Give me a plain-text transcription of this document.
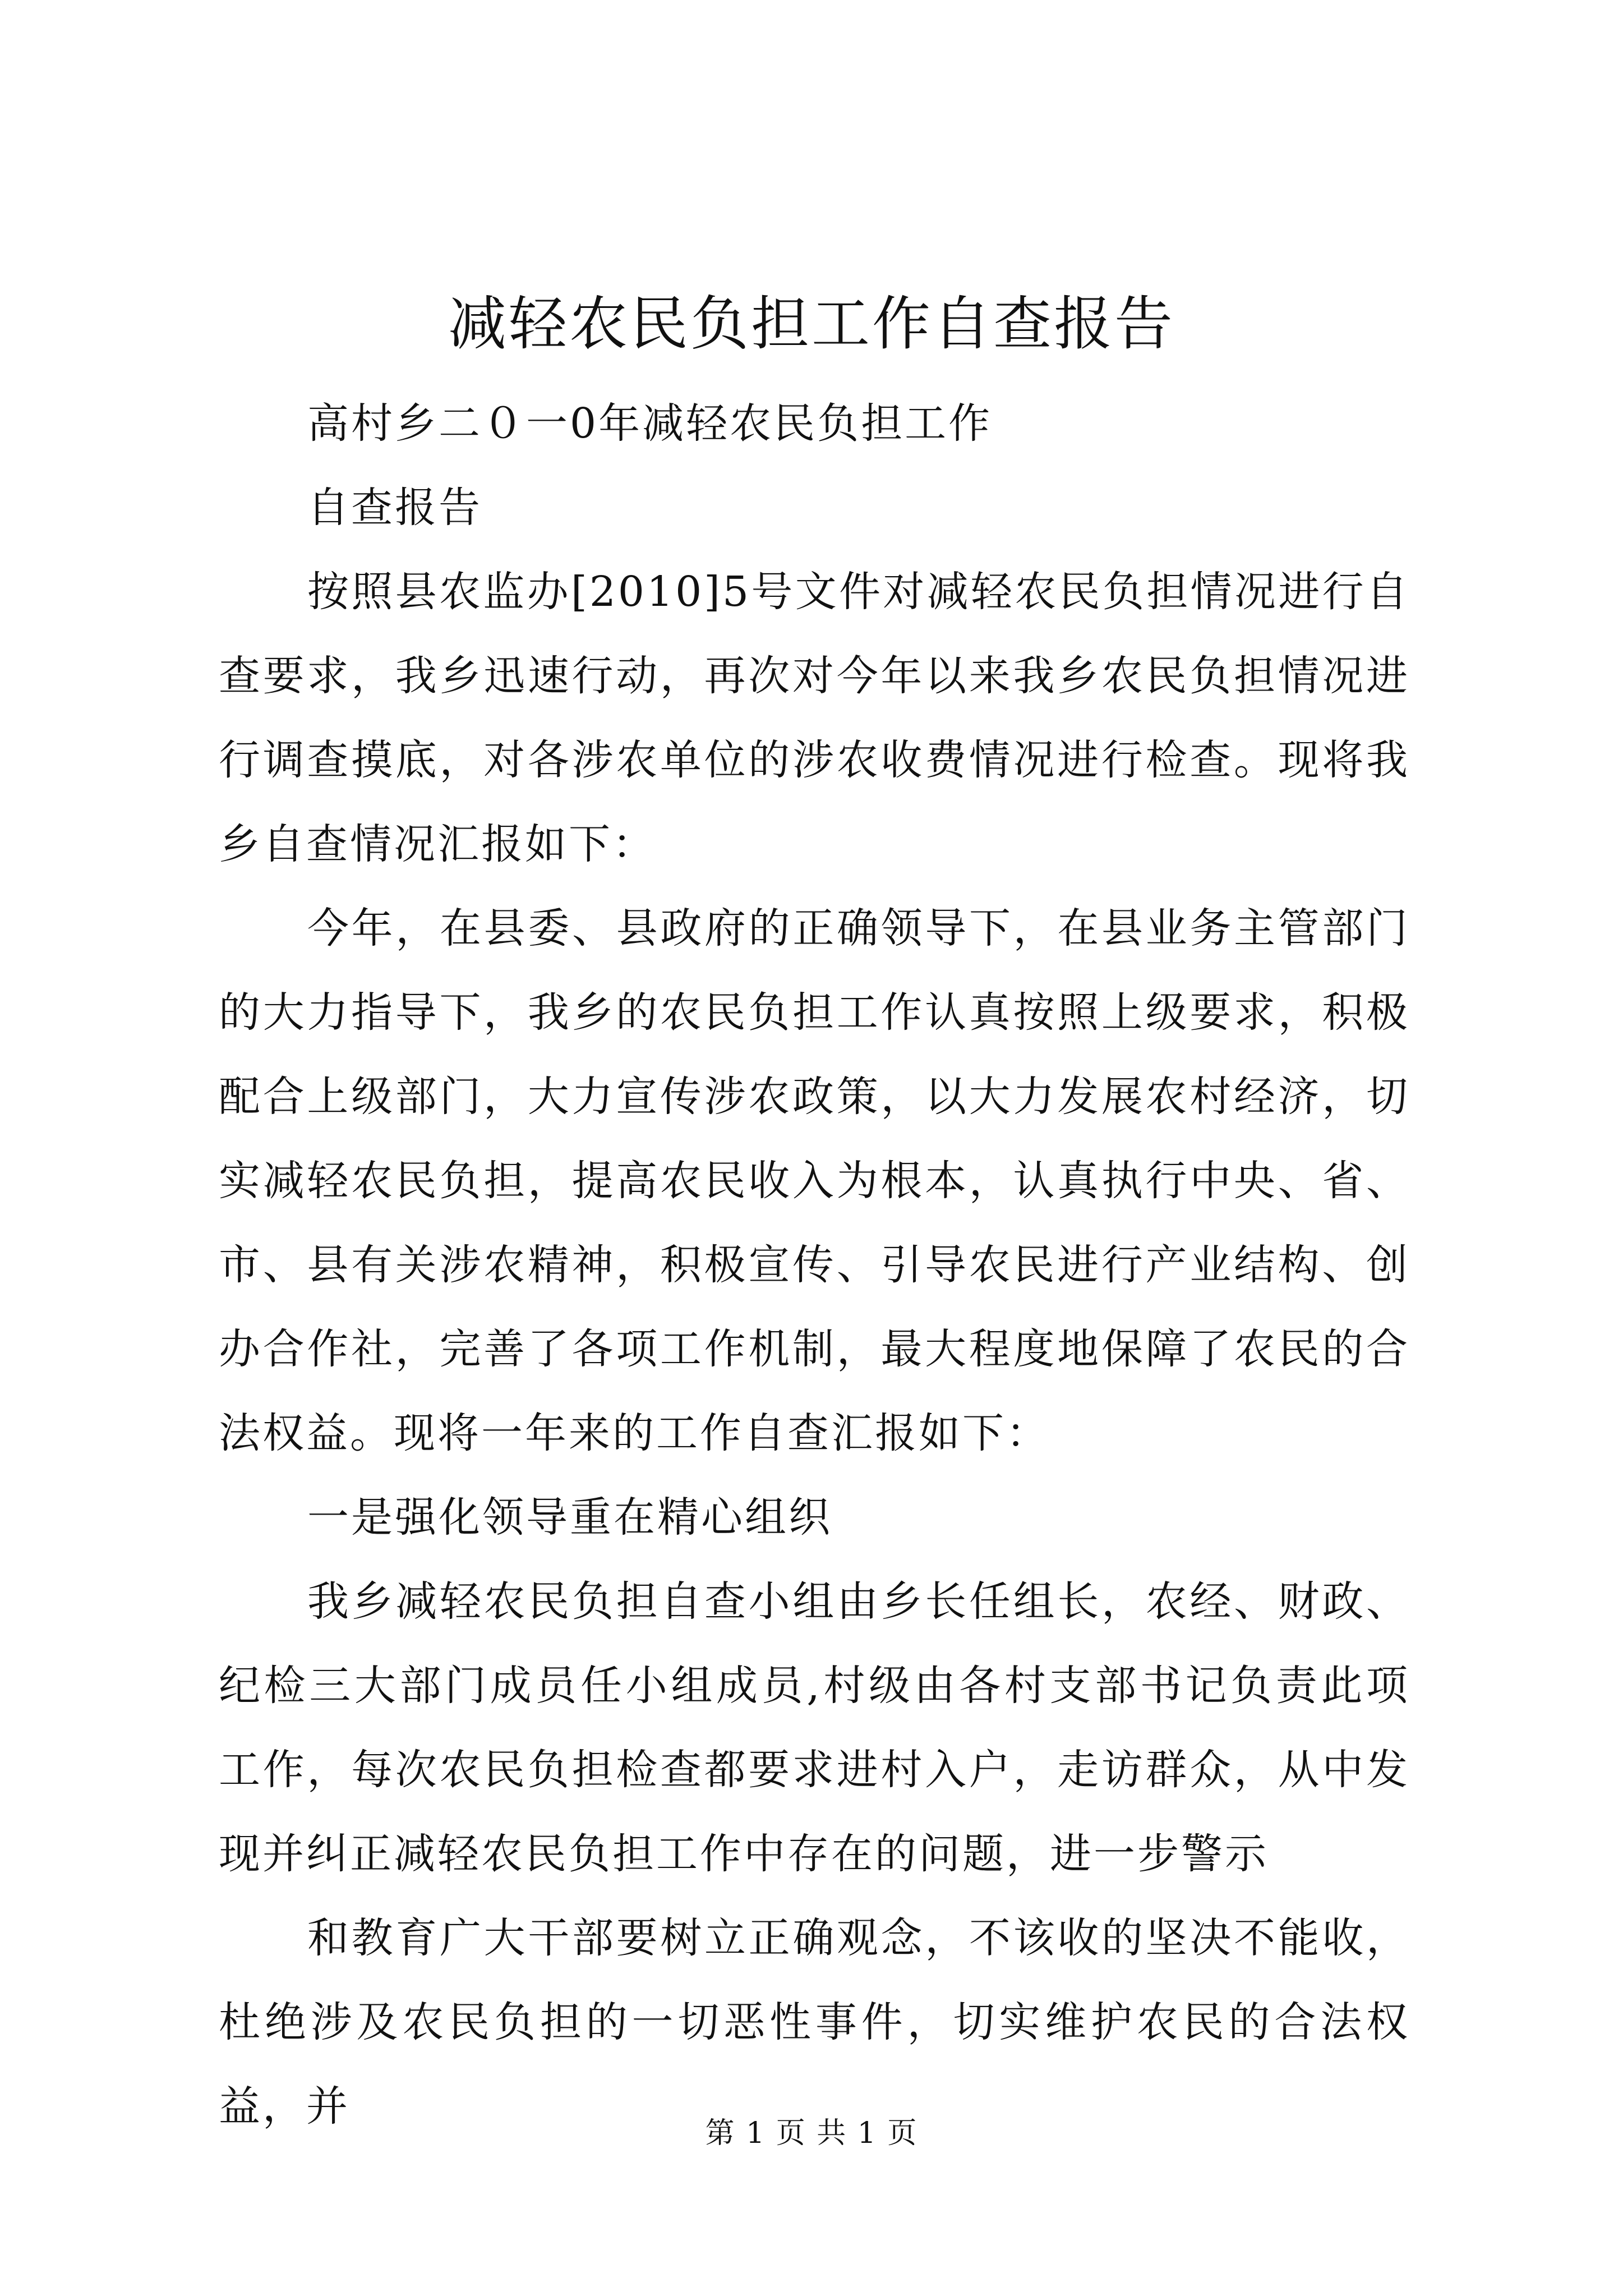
减轻农民负担工作自查报告

高村乡二０一0年减轻农民负担工作

自查报告

按照县农监办[2010]5号文件对减轻农民负担情况进行自查要求，我乡迅速行动，再次对今年以来我乡农民负担情况进行调查摸底，对各涉农单位的涉农收费情况进行检查。现将我乡自查情况汇报如下：

今年，在县委、县政府的正确领导下，在县业务主管部门的大力指导下，我乡的农民负担工作认真按照上级要求，积极配合上级部门，大力宣传涉农政策，以大力发展农村经济，切实减轻农民负担，提高农民收入为根本，认真执行中央、省、市、县有关涉农精神，积极宣传、引导农民进行产业结构、创办合作社，完善了各项工作机制，最大程度地保障了农民的合法权益。现将一年来的工作自查汇报如下：

一是强化领导重在精心组织

我乡减轻农民负担自查小组由乡长任组长，农经、财政、纪检三大部门成员任小组成员,村级由各村支部书记负责此项工作，每次农民负担检查都要求进村入户，走访群众，从中发现并纠正减轻农民负担工作中存在的问题，进一步警示

和教育广大干部要树立正确观念，不该收的坚决不能收，杜绝涉及农民负担的一切恶性事件，切实维护农民的合法权益，并

第 1 页 共 1 页
